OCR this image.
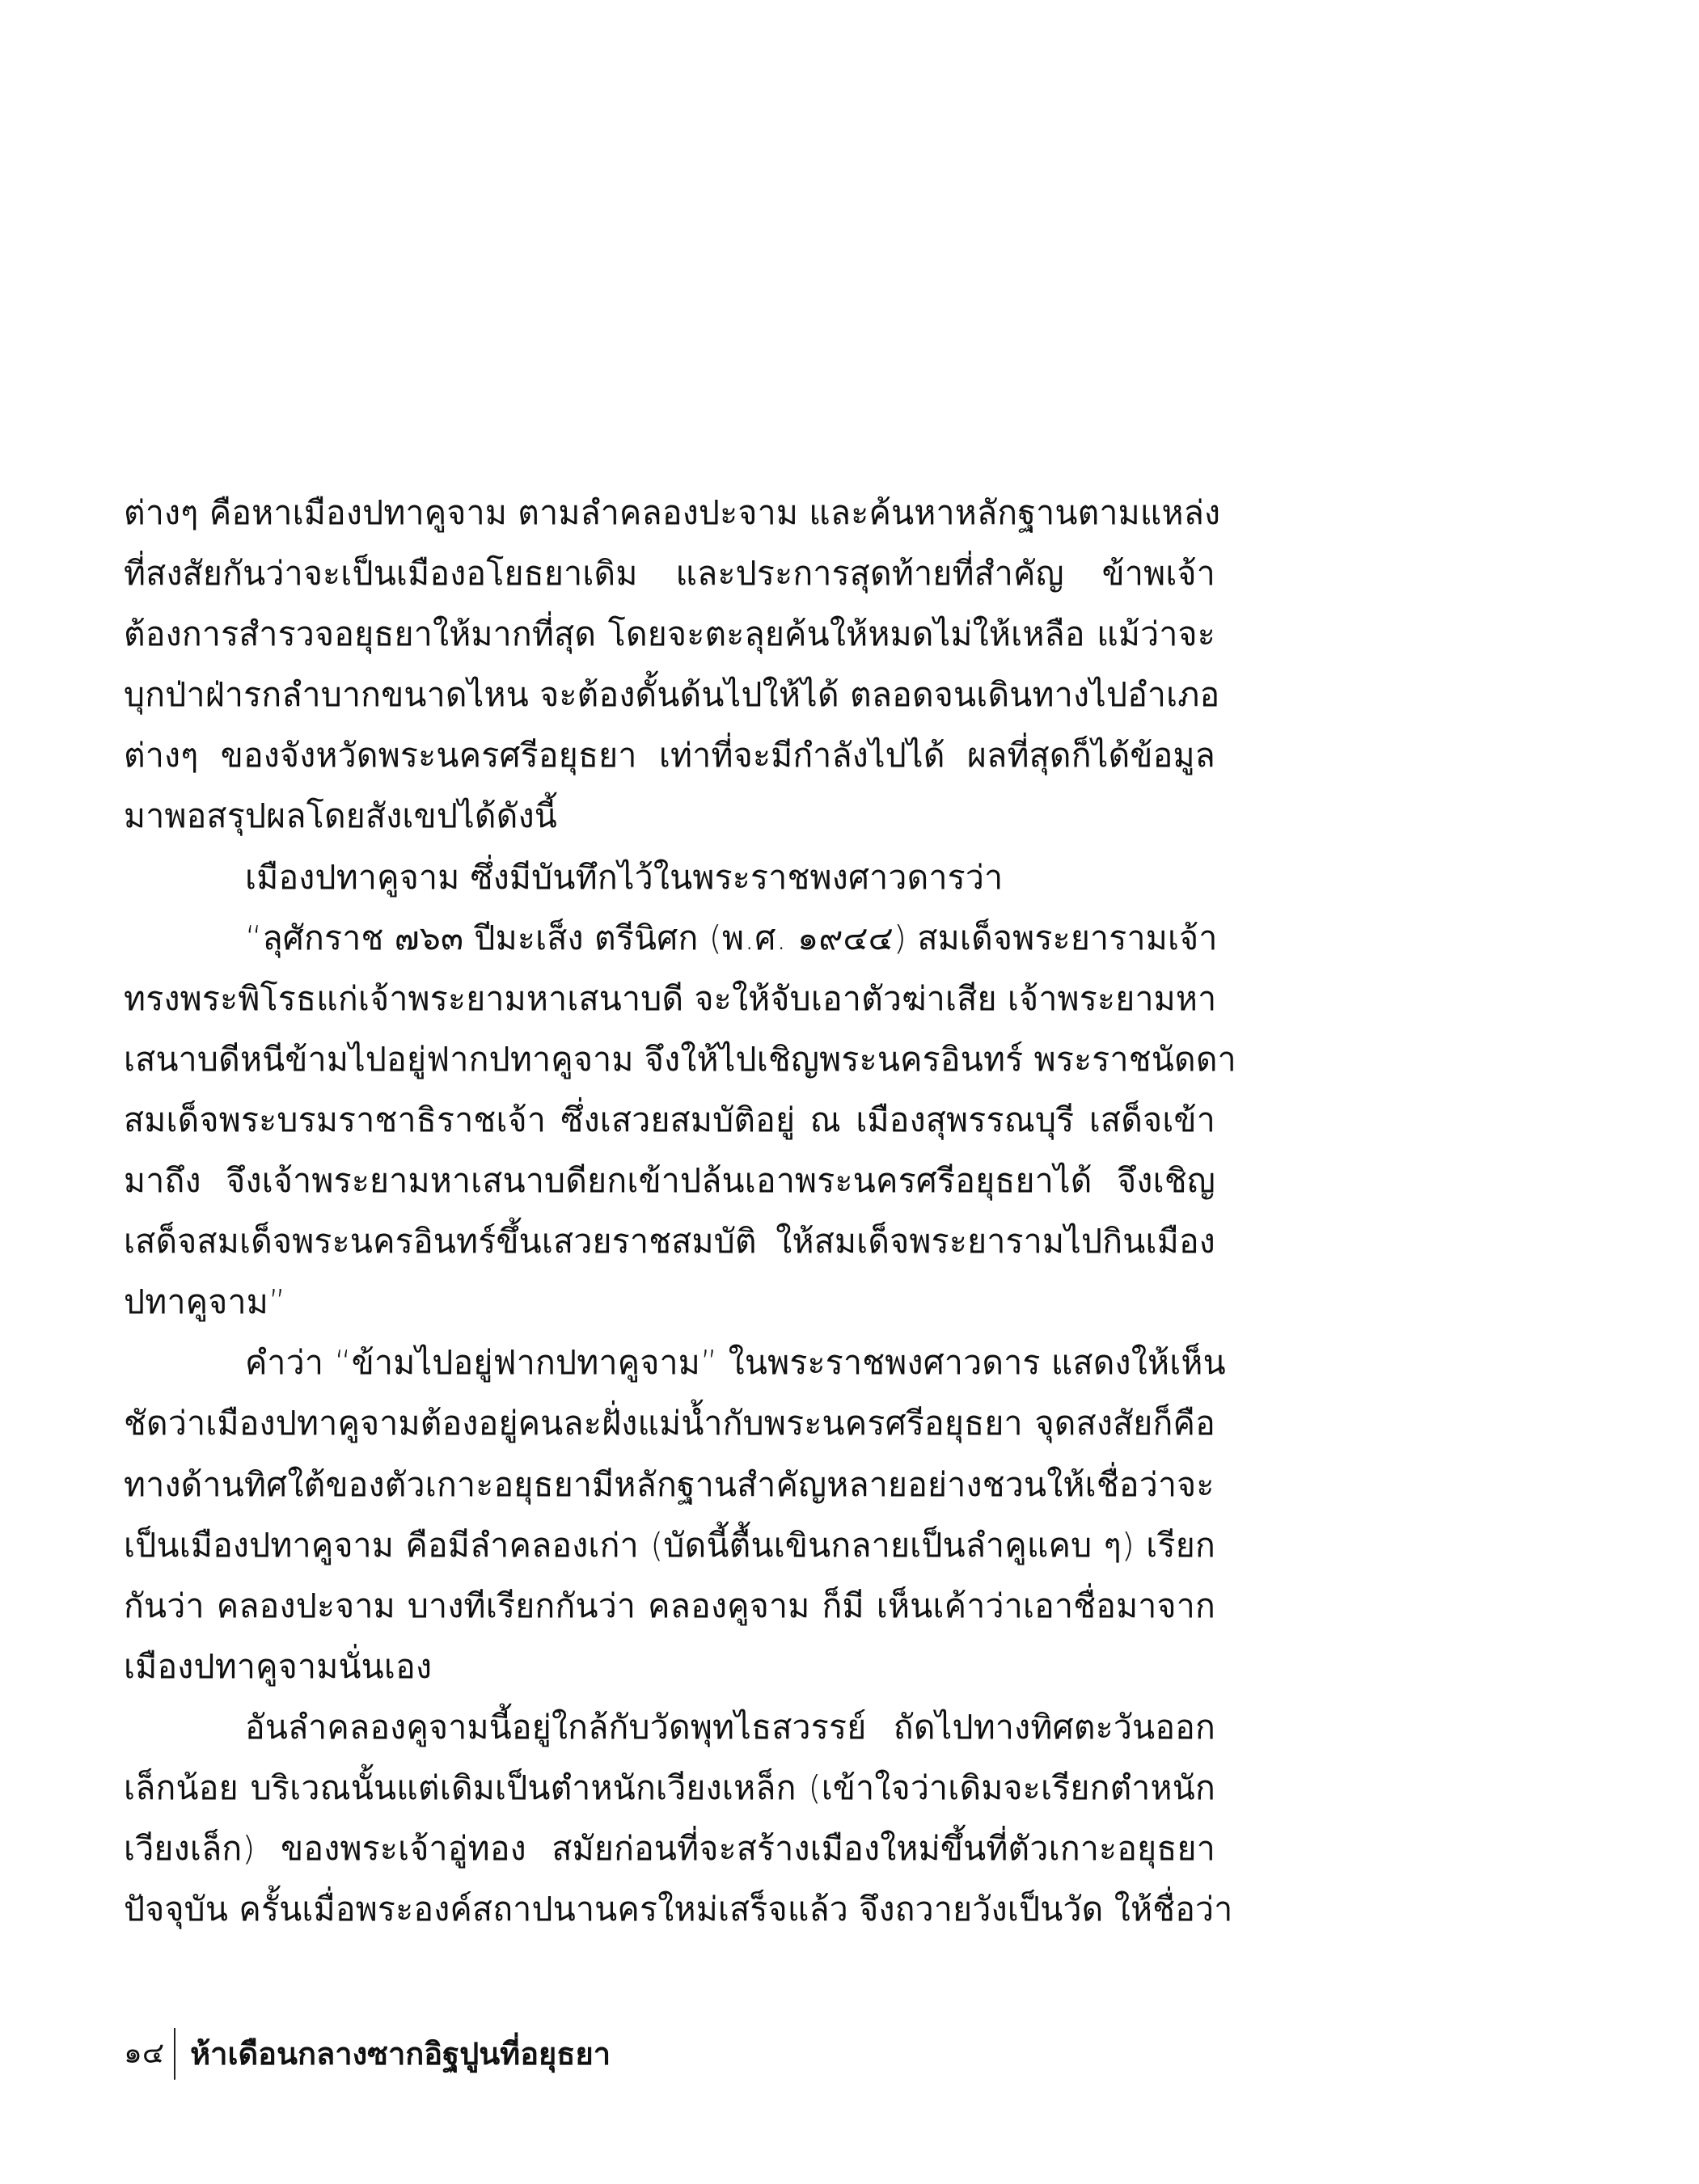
ต่างๆ คือหาเมืองปทาคูจาม ตามลำคลองปะจาม และค้นหาหลักฐานตามแหล่ง
ที่สงสัยกันว่าจะเป็นเมืองอโยธยาเดิม และประการสุดท้ายที่สำคัญ ข้าพเจ้า
ต้องการสำรวจอยุธยาให้มากที่สุด โดยจะตะลุยค้นให้หมดไม่ให้เหลือ แม้ว่าจะ
บุกป่าฝ่ารกลำบากขนาดไหน จะต้องดั้นด้นไปให้ได้ ตลอดจนเดินทางไปอำเภอ
ต่างๆ ของจังหวัดพระนครศรีอยุธยา เท่าที่จะมีกำลังไปได้ ผลที่สุดก็ได้ข้อมูล
มาพอสรุปผลโดยสังเขปได้ดังนี้
เมืองปทาคูจาม ซึ่งมีบันทึกไว้ในพระราชพงศาวดารว่า
“ลุศักราช ๗๖๓ ปีมะเส็ง ตรีนิศก (พ.ศ. ๑๙๔๔) สมเด็จพระยารามเจ้า
ทรงพระพิโรธแก่เจ้าพระยามหาเสนาบดี จะให้จับเอาตัวฆ่าเสีย เจ้าพระยามหา
เสนาบดีหนีข้ามไปอยู่ฟากปทาคูจาม จึงให้ไปเชิญพระนครอินทร์ พระราชนัดดา
สมเด็จพระบรมราชาธิราชเจ้า ซึ่งเสวยสมบัติอยู่ ณ เมืองสุพรรณบุรี เสด็จเข้า
มาถึง จึงเจ้าพระยามหาเสนาบดียกเข้าปล้นเอาพระนครศรีอยุธยาได้ จึงเชิญ
เสด็จสมเด็จพระนครอินทร์ขึ้นเสวยราชสมบัติ ให้สมเด็จพระยารามไปกินเมือง
ปทาคูจาม”
คำว่า “ข้ามไปอยู่ฟากปทาคูจาม” ในพระราชพงศาวดาร แสดงให้เห็น
ชัดว่าเมืองปทาคูจามต้องอยู่คนละฝั่งแม่น้ำกับพระนครศรีอยุธยา จุดสงสัยก็คือ
ทางด้านทิศใต้ของตัวเกาะอยุธยามีหลักฐานสำคัญหลายอย่างชวนให้เชื่อว่าจะ
เป็นเมืองปทาคูจาม คือมีลำคลองเก่า (บัดนี้ตื้นเขินกลายเป็นลำคูแคบ ๆ) เรียก
กันว่า คลองปะจาม บางทีเรียกกันว่า คลองคูจาม ก็มี เห็นเค้าว่าเอาชื่อมาจาก
เมืองปทาคูจามนั่นเอง
อันลำคลองคูจามนี้อยู่ใกล้กับวัดพุทไธสวรรย์ ถัดไปทางทิศตะวันออก
เล็กน้อย บริเวณนั้นแต่เดิมเป็นตำหนักเวียงเหล็ก (เข้าใจว่าเดิมจะเรียกตำหนัก
เวียงเล็ก) ของพระเจ้าอู่ทอง สมัยก่อนที่จะสร้างเมืองใหม่ขึ้นที่ตัวเกาะอยุธยา
ปัจจุบัน ครั้นเมื่อพระองค์สถาปนานครใหม่เสร็จแล้ว จึงถวายวังเป็นวัด ให้ชื่อว่า
๑๔ ห้าเดือนกลางซากอิฐปูนที่อยุธยา
